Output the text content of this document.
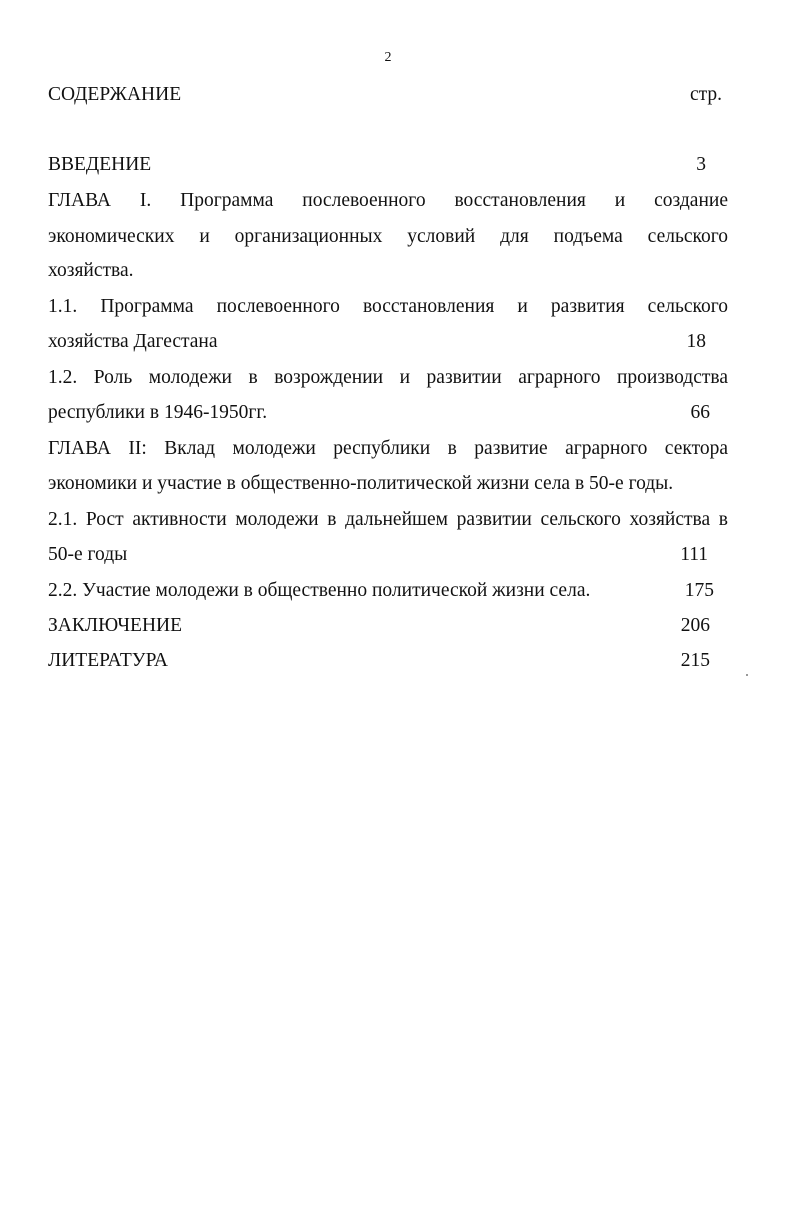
2
СОДЕРЖАНИЕ	стр.
ВВЕДЕНИЕ	3
ГЛАВА I. Программа послевоенного восстановления и создание
экономических и организационных условий для подъема сельского
хозяйства.
1.1. Программа послевоенного восстановления и развития сельского
хозяйства Дагестана	18
1.2. Роль молодежи в возрождении и развитии аграрного производства
республики в 1946-1950гг.	66
ГЛАВА II: Вклад молодежи республики в развитие аграрного сектора
экономики и участие в общественно-политической жизни села в 50-е годы.
2.1. Рост активности молодежи в дальнейшем развитии сельского хозяйства в
50-е годы	111
2.2. Участие молодежи в общественно политической жизни села.	175
ЗАКЛЮЧЕНИЕ	206
ЛИТЕРАТУРА	215
